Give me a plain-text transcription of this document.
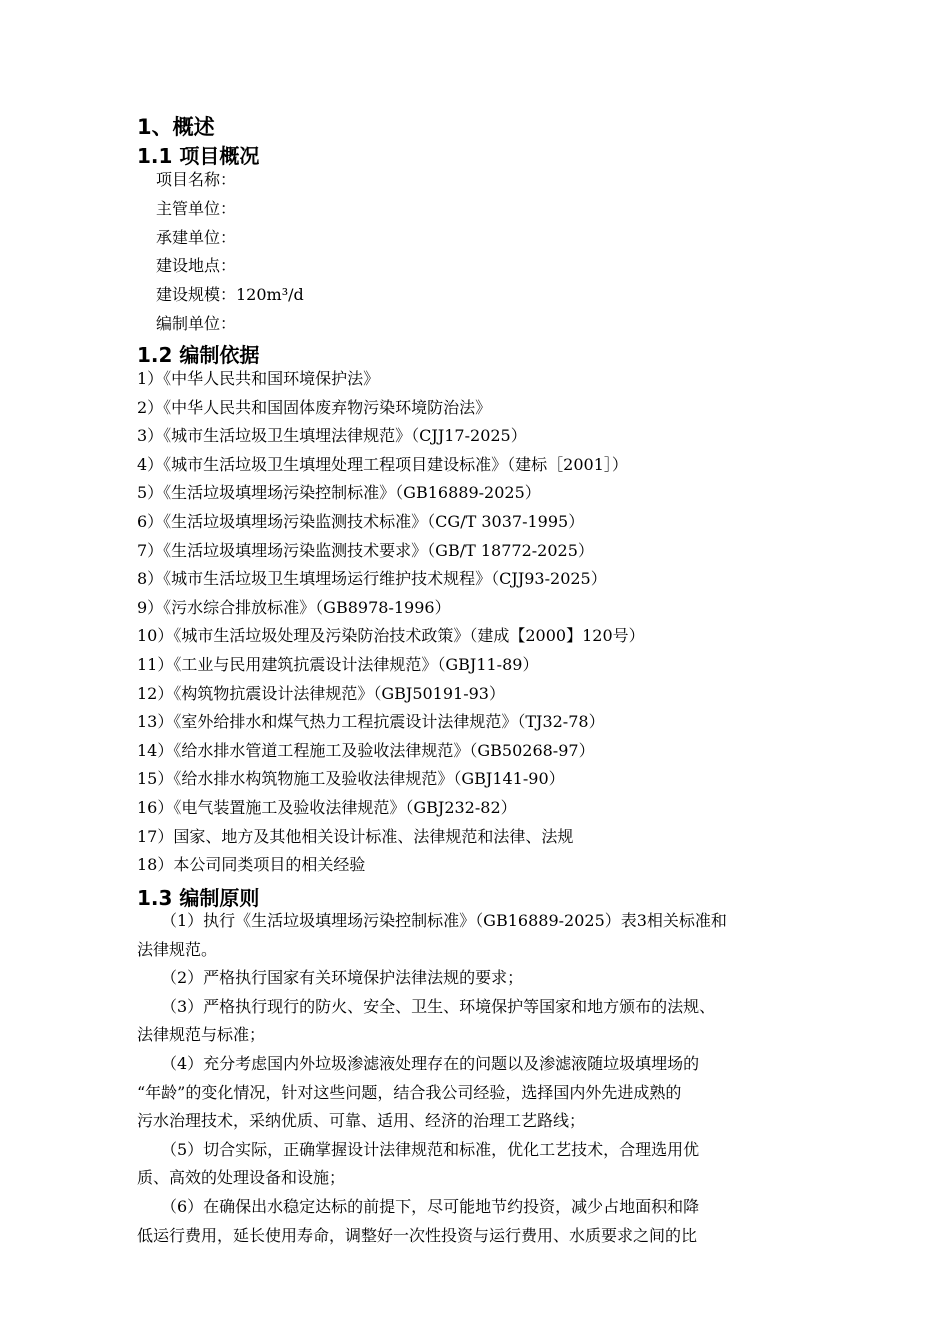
1、概述
1.1 项目概况
项目名称：
主管单位：
承建单位：
建设地点：
建设规模：120m³/d
编制单位：
1.2 编制依据
1）《中华人民共和国环境保护法》
2）《中华人民共和国固体废弃物污染环境防治法》
3）《城市生活垃圾卫生填埋法律规范》（CJJ17-2025）
4）《城市生活垃圾卫生填埋处理工程项目建设标准》（建标［2001］）
5）《生活垃圾填埋场污染控制标准》（GB16889-2025）
6）《生活垃圾填埋场污染监测技术标准》（CG/T 3037-1995）
7）《生活垃圾填埋场污染监测技术要求》（GB/T 18772-2025）
8）《城市生活垃圾卫生填埋场运行维护技术规程》（CJJ93-2025）
9）《污水综合排放标准》（GB8978-1996）
10）《城市生活垃圾处理及污染防治技术政策》（建成【2000】120号）
11）《工业与民用建筑抗震设计法律规范》（GBJ11-89）
12）《构筑物抗震设计法律规范》（GBJ50191-93）
13）《室外给排水和煤气热力工程抗震设计法律规范》（TJ32-78）
14）《给水排水管道工程施工及验收法律规范》（GB50268-97）
15）《给水排水构筑物施工及验收法律规范》（GBJ141-90）
16）《电气装置施工及验收法律规范》（GBJ232-82）
17）国家、地方及其他相关设计标准、法律规范和法律、法规
18）本公司同类项目的相关经验
1.3 编制原则
（1）执行《生活垃圾填埋场污染控制标准》（GB16889-2025）表3相关标准和
法律规范。
（2）严格执行国家有关环境保护法律法规的要求；
（3）严格执行现行的防火、安全、卫生、环境保护等国家和地方颁布的法规、
法律规范与标准；
（4）充分考虑国内外垃圾渗滤液处理存在的问题以及渗滤液随垃圾填埋场的
“年龄”的变化情况，针对这些问题，结合我公司经验，选择国内外先进成熟的
污水治理技术，采纳优质、可靠、适用、经济的治理工艺路线；
（5）切合实际，正确掌握设计法律规范和标准，优化工艺技术，合理选用优
质、高效的处理设备和设施；
（6）在确保出水稳定达标的前提下，尽可能地节约投资，减少占地面积和降
低运行费用，延长使用寿命，调整好一次性投资与运行费用、水质要求之间的比
